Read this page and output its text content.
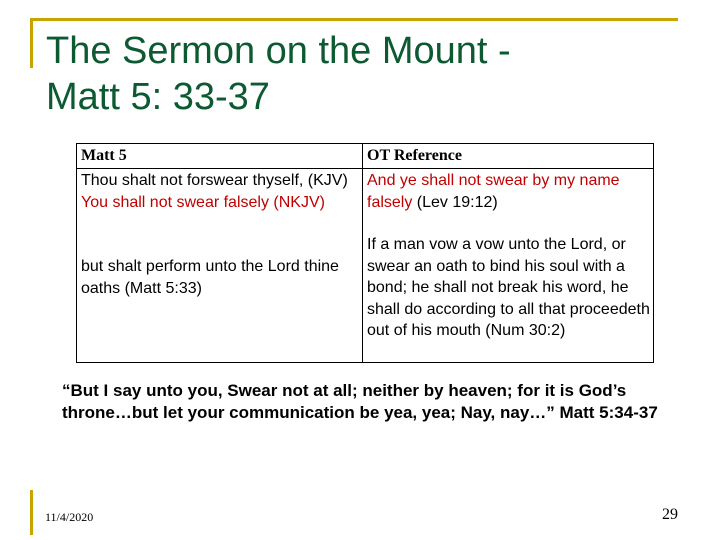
The Sermon on the Mount -
Matt 5: 33-37
Matt 5	OT Reference
Thou shalt not forswear thyself, (KJV)
You shall not swear falsely (NKJV)
but shalt perform unto the Lord thine oaths (Matt 5:33)
And ye shall not swear by my name falsely (Lev 19:12)
If a man vow a vow unto the Lord, or swear an oath to bind his soul with a bond; he shall not break his word, he shall do according to all that proceedeth out of his mouth (Num 30:2)
“But I say unto you, Swear not at all; neither by heaven; for it is God’s throne…but let your communication be yea, yea; Nay, nay…” Matt 5:34-37
11/4/2020	29
